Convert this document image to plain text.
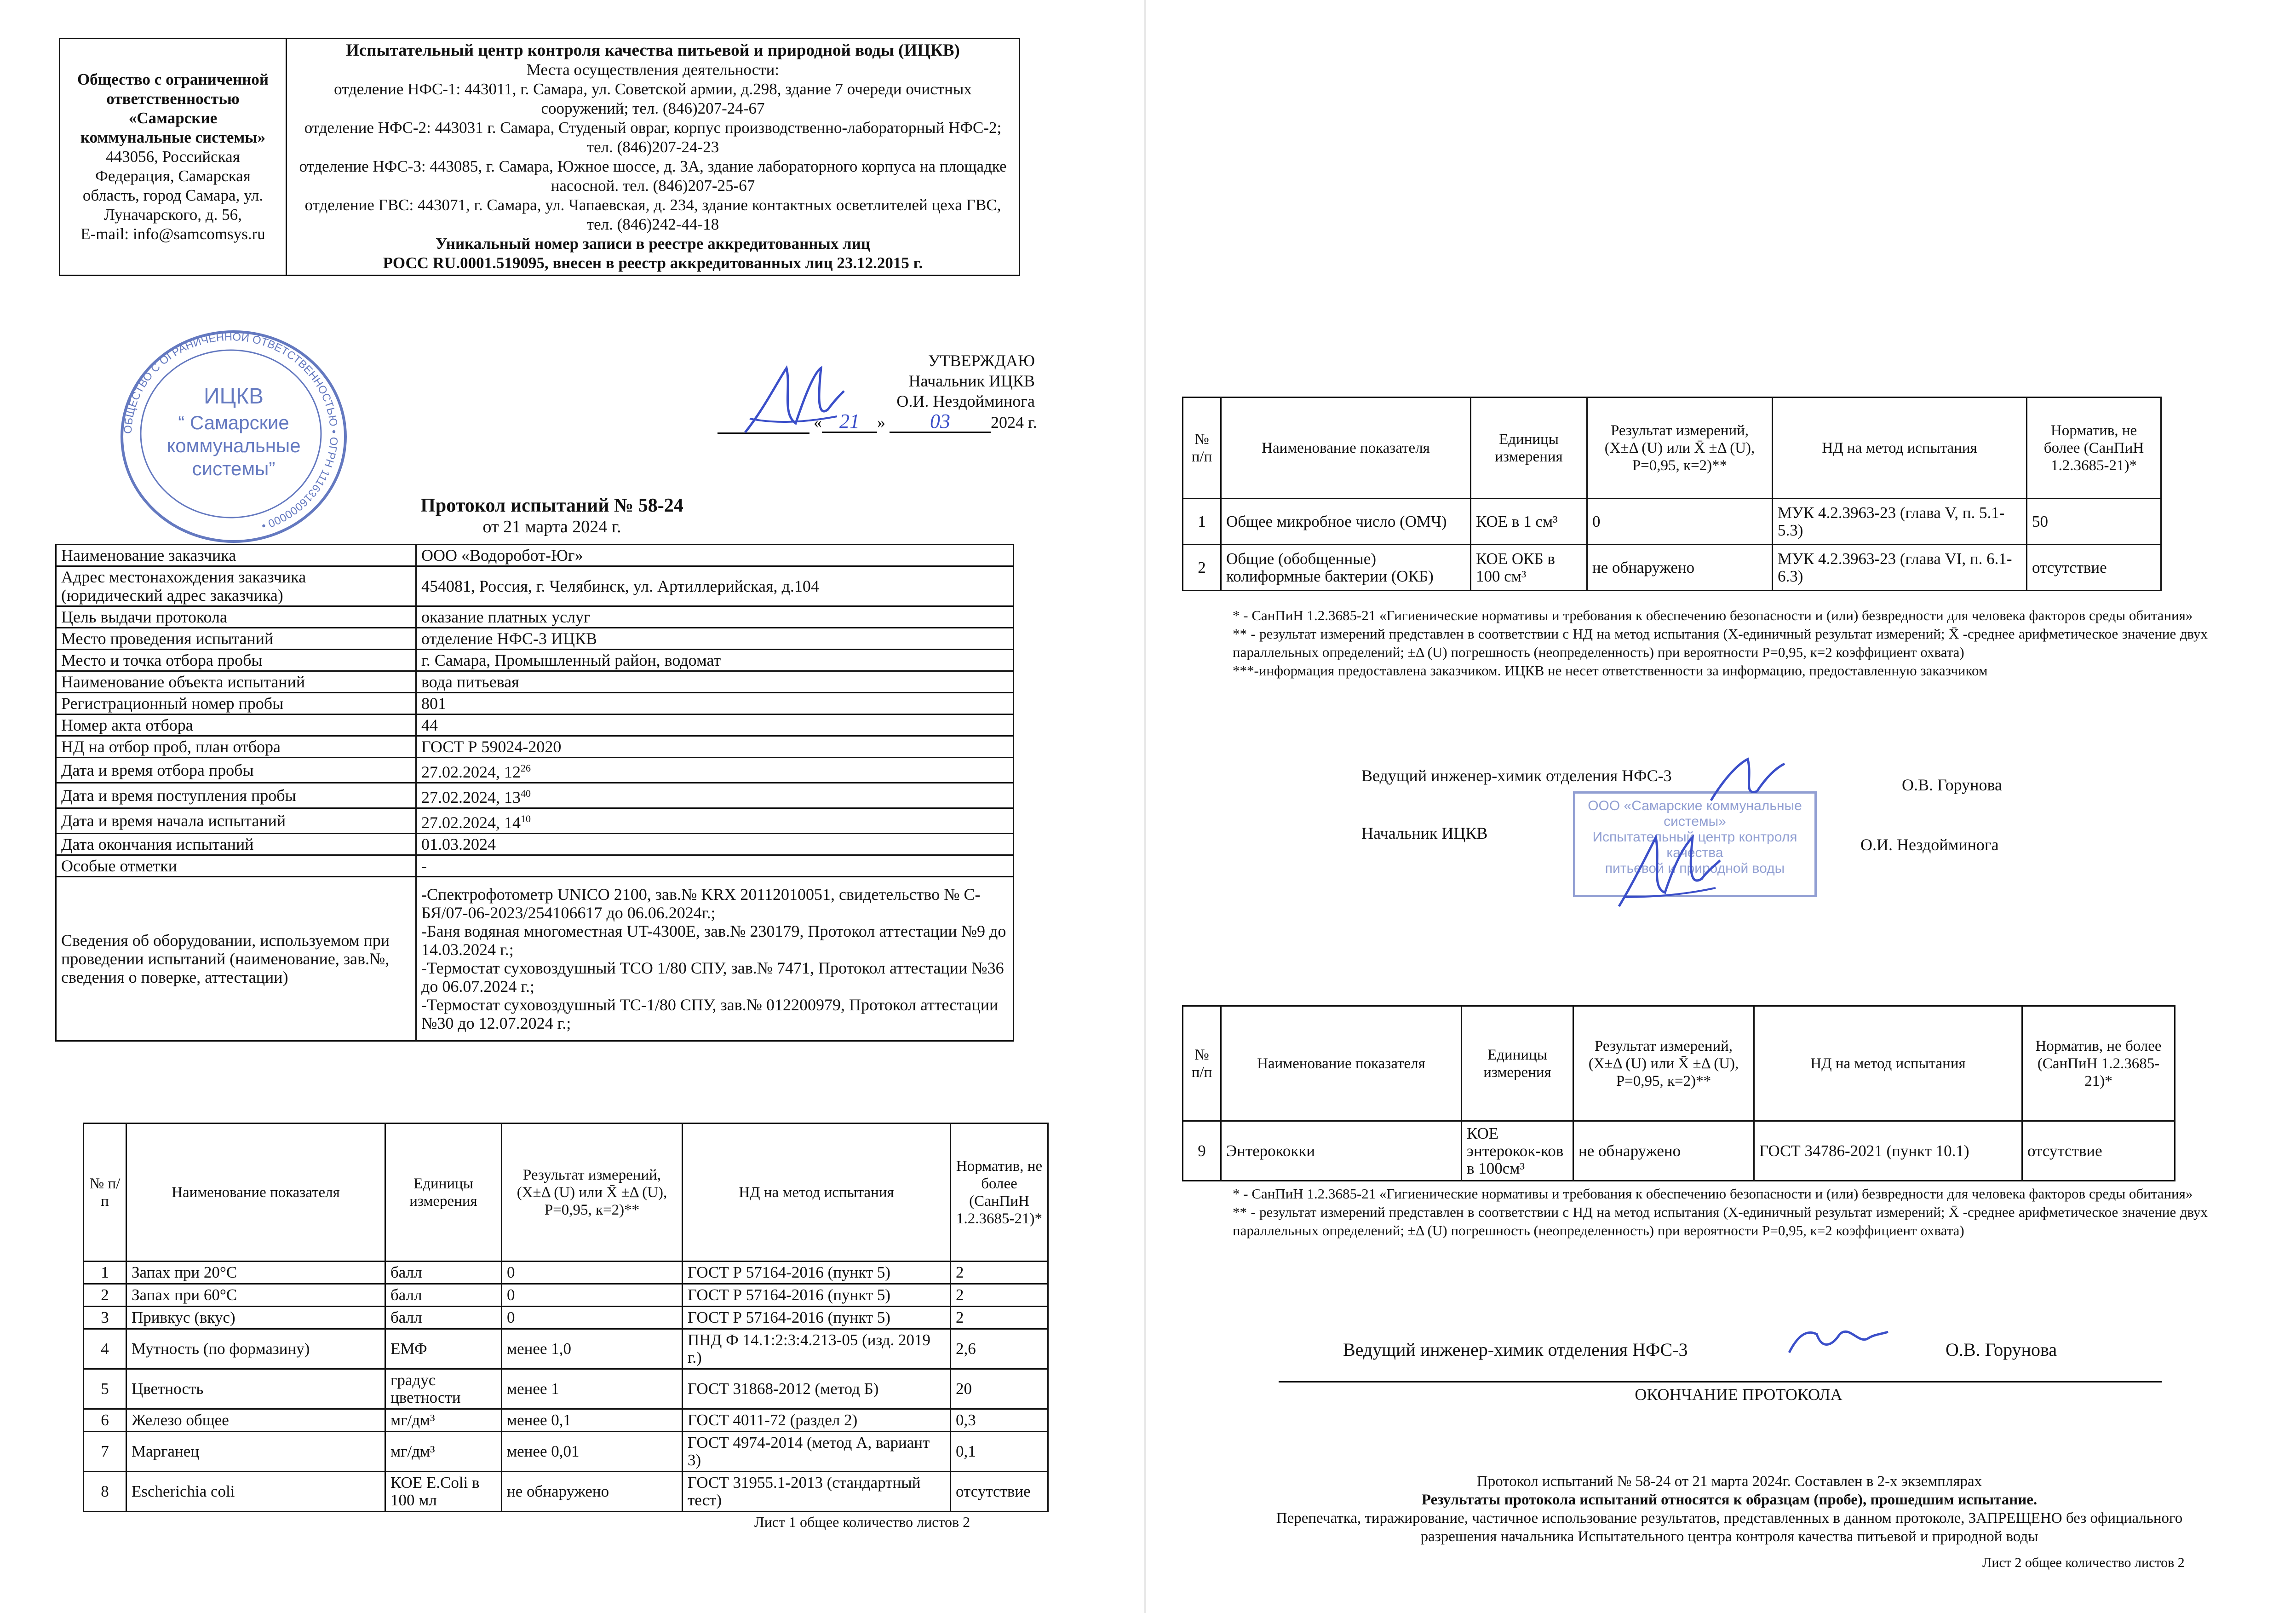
Общество с ограниченной
ответственностью
«Самарские
коммунальные системы»
443056, Российская
Федерация, Самарская
область, город Самара, ул.
Луначарского, д. 56,
E-mail: info@samcomsys.ru

Испытательный центр контроля качества питьевой и природной воды (ИЦКВ)
Места осуществления деятельности:
отделение НФС-1: 443011, г. Самара, ул. Советской армии, д.298, здание 7 очереди очистных сооружений; тел. (846)207-24-67
отделение НФС-2: 443031 г. Самара, Студеный овраг, корпус производственно-лабораторный НФС-2; тел. (846)207-24-23
отделение НФС-3: 443085, г. Самара, Южное шоссе, д. 3А, здание лабораторного корпуса на площадке насосной. тел. (846)207-25-67
отделение ГВС: 443071, г. Самара, ул. Чапаевская, д. 234, здание контактных осветлителей цеха ГВС, тел. (846)242-44-18
Уникальный номер записи в реестре аккредитованных лиц
РОСС RU.0001.519095, внесен в реестр аккредитованных лиц 23.12.2015 г.
ОБЩЕСТВО С ОГРАНИЧЕННОЙ ОТВЕТСТВЕННОСТЬЮ • ОГРН 1116316000000 •
ИЦКВ
“ Самарские коммунальные системы”
УТВЕРЖДАЮ
Начальник ИЦКВ
О.И. Нездойминога
« 21 » 03 2024 г.
Протокол испытаний № 58-24
от 21 марта 2024 г.
Наименование заказчика	ООО «Водоробот-Юг»
Адрес местонахождения заказчика (юридический адрес заказчика)	454081, Россия, г. Челябинск, ул. Артиллерийская, д.104
Цель выдачи протокола	оказание платных услуг
Место проведения испытаний	отделение НФС-3 ИЦКВ
Место и точка отбора пробы	г. Самара, Промышленный район, водомат
Наименование объекта испытаний	вода питьевая
Регистрационный номер пробы	801
Номер акта отбора	44
НД на отбор проб, план отбора	ГОСТ Р 59024-2020
Дата и время отбора пробы	27.02.2024, $12^{26}$
Дата и время поступления пробы	27.02.2024, $13^{40}$
Дата и время начала испытаний	27.02.2024, $14^{10}$
Дата окончания испытаний	01.03.2024
Особые отметки	-
Сведения об оборудовании, используемом при проведении испытаний (наименование, зав.№, сведения о поверке, аттестации)	-Спектрофотометр UNICO 2100, зав.№ KRX 20112010051, свидетельство № С-БЯ/07-06-2023/254106617 до 06.06.2024г.;
-Баня водяная многоместная UT-4300E, зав.№ 230179, Протокол аттестации №9 до 14.03.2024 г.;
-Термостат суховоздушный ТСО 1/80 СПУ, зав.№ 7471, Протокол аттестации №36 до 06.07.2024 г.;
-Термостат суховоздушный ТС-1/80 СПУ, зав.№ 012200979, Протокол аттестации №30 до 12.07.2024 г.;
№ п/п	Наименование показателя	Единицы измерения	Результат измерений, (X±Δ (U) или X̄ ±Δ (U), P=0,95, к=2)**	НД на метод испытания	Норматив, не более (СанПиН 1.2.3685-21)*
1	Запах при 20°C	балл	0	ГОСТ Р 57164-2016 (пункт 5)	2
2	Запах при 60°C	балл	0	ГОСТ Р 57164-2016 (пункт 5)	2
3	Привкус (вкус)	балл	0	ГОСТ Р 57164-2016 (пункт 5)	2
4	Мутность (по формазину)	ЕМФ	менее 1,0	ПНД Ф 14.1:2:3:4.213-05 (изд. 2019 г.)	2,6
5	Цветность	градус цветности	менее 1	ГОСТ 31868-2012 (метод Б)	20
6	Железо общее	мг/дм³	менее 0,1	ГОСТ 4011-72 (раздел 2)	0,3
7	Марганец	мг/дм³	менее 0,01	ГОСТ 4974-2014 (метод А, вариант 3)	0,1
8	Escherichia coli	КОЕ E.Coli в 100 мл	не обнаружено	ГОСТ 31955.1-2013 (стандартный тест)	отсутствие
Лист 1 общее количество листов 2
№ п/п	Наименование показателя	Единицы измерения	Результат измерений, (X±Δ (U) или X̄ ±Δ (U), P=0,95, к=2)**	НД на метод испытания	Норматив, не более (СанПиН 1.2.3685-21)*
1	Общее микробное число (ОМЧ)	КОЕ в 1 см³	0	МУК 4.2.3963-23 (глава V, п. 5.1-5.3)	50
2	Общие (обобщенные) колиформные бактерии (ОКБ)	КОЕ ОКБ в 100 см³	не обнаружено	МУК 4.2.3963-23 (глава VI, п. 6.1-6.3)	отсутствие
* - СанПиН 1.2.3685-21 «Гигиенические нормативы и требования к обеспечению безопасности и (или) безвредности для человека факторов среды обитания»
** - результат измерений представлен в соответствии с НД на метод испытания (X-единичный результат измерений; X̄ -среднее арифметическое значение двух параллельных определений; ±Δ (U) погрешность (неопределенность) при вероятности P=0,95, к=2 коэффициент охвата)
***-информация предоставлена заказчиком. ИЦКВ не несет ответственности за информацию, предоставленную заказчиком
Ведущий инженер-химик отделения НФС-3	О.В. Горунова
Начальник ИЦКВ
О.И. Нездойминога
ООО «Самарские коммунальные системы»
Испытательный центр контроля качества
питьевой и природной воды
№ п/п	Наименование показателя	Единицы измерения	Результат измерений, (X±Δ (U) или X̄ ±Δ (U), P=0,95, к=2)**	НД на метод испытания	Норматив, не более (СанПиН 1.2.3685-21)*
9	Энтерококки	КОЕ энтерокок-ков в 100см³	не обнаружено	ГОСТ 34786-2021 (пункт 10.1)	отсутствие
* - СанПиН 1.2.3685-21 «Гигиенические нормативы и требования к обеспечению безопасности и (или) безвредности для человека факторов среды обитания»
** - результат измерений представлен в соответствии с НД на метод испытания (X-единичный результат измерений; X̄ -среднее арифметическое значение двух параллельных определений; ±Δ (U) погрешность (неопределенность) при вероятности P=0,95, к=2 коэффициент охвата)
Ведущий инженер-химик отделения НФС-3	О.В. Горунова
ОКОНЧАНИЕ ПРОТОКОЛА
Протокол испытаний № 58-24 от 21 марта 2024г. Составлен в 2-х экземплярах
Результаты протокола испытаний относятся к образцам (пробе), прошедшим испытание.
Перепечатка, тиражирование, частичное использование результатов, представленных в данном протоколе, ЗАПРЕЩЕНО без официального разрешения начальника Испытательного центра контроля качества питьевой и природной воды
Лист 2 общее количество листов 2
